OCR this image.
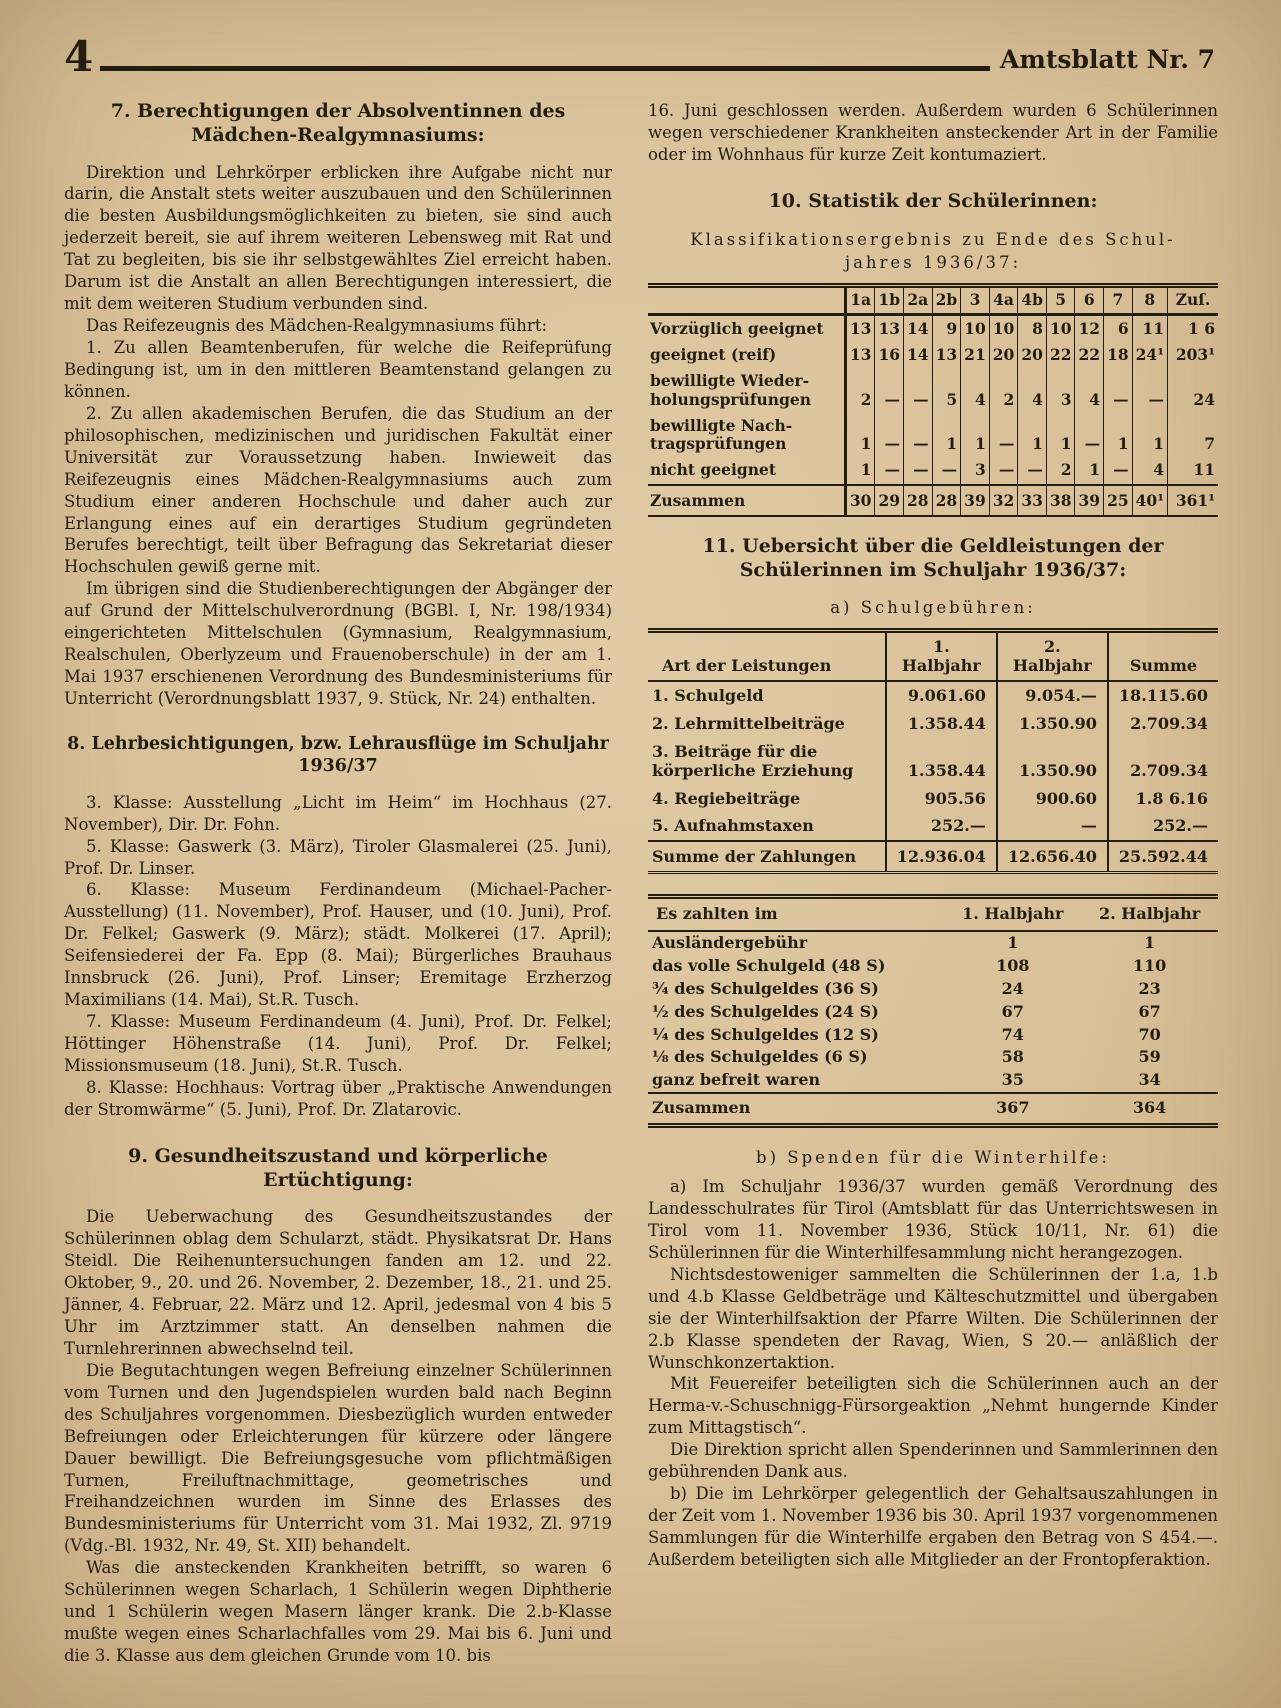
4	Amtsblatt Nr. 7
7. Berechtigungen der Absolventinnen des Mädchen-Realgymnasiums:

Direktion und Lehrkörper erblicken ihre Aufgabe nicht nur darin, die Anstalt stets weiter auszubauen und den Schülerinnen die besten Ausbildungsmöglichkeiten zu bieten, sie sind auch jederzeit bereit, sie auf ihrem weiteren Lebensweg mit Rat und Tat zu begleiten, bis sie ihr selbstgewähltes Ziel erreicht haben. Darum ist die Anstalt an allen Berechtigungen interessiert, die mit dem weiteren Studium verbunden sind.

Das Reifezeugnis des Mädchen-Realgymnasiums führt:

1. Zu allen Beamtenberufen, für welche die Reifeprüfung Bedingung ist, um in den mittleren Beamtenstand gelangen zu können.

2. Zu allen akademischen Berufen, die das Studium an der philosophischen, medizinischen und juridischen Fakultät einer Universität zur Voraussetzung haben. Inwieweit das Reifezeugnis eines Mädchen-Realgymnasiums auch zum Studium einer anderen Hochschule und daher auch zur Erlangung eines auf ein derartiges Studium gegründeten Berufes berechtigt, teilt über Befragung das Sekretariat dieser Hochschulen gewiß gerne mit.

Im übrigen sind die Studienberechtigungen der Abgänger der auf Grund der Mittelschulverordnung (BGBl. I, Nr. 198/1934) eingerichteten Mittelschulen (Gymnasium, Realgymnasium, Realschulen, Oberlyzeum und Frauenoberschule) in der am 1. Mai 1937 erschienenen Verordnung des Bundesministeriums für Unterricht (Verordnungsblatt 1937, 9. Stück, Nr. 24) enthalten.

8. Lehrbesichtigungen, bzw. Lehrausflüge im Schuljahr 1936/37

3. Klasse: Ausstellung „Licht im Heim“ im Hochhaus (27. November), Dir. Dr. Fohn.

5. Klasse: Gaswerk (3. März), Tiroler Glasmalerei (25. Juni), Prof. Dr. Linser.

6. Klasse: Museum Ferdinandeum (Michael-Pacher-Ausstellung) (11. November), Prof. Hauser, und (10. Juni), Prof. Dr. Felkel; Gaswerk (9. März); städt. Molkerei (17. April); Seifensiederei der Fa. Epp (8. Mai); Bürgerliches Brauhaus Innsbruck (26. Juni), Prof. Linser; Eremitage Erzherzog Maximilians (14. Mai), St.R. Tusch.

7. Klasse: Museum Ferdinandeum (4. Juni), Prof. Dr. Felkel; Höttinger Höhenstraße (14. Juni), Prof. Dr. Felkel; Missionsmuseum (18. Juni), St.R. Tusch.

8. Klasse: Hochhaus: Vortrag über „Praktische Anwendungen der Stromwärme“ (5. Juni), Prof. Dr. Zlatarovic.

9. Gesundheitszustand und körperliche Ertüchtigung:

Die Ueberwachung des Gesundheitszustandes der Schülerinnen oblag dem Schularzt, städt. Physikatsrat Dr. Hans Steidl. Die Reihenuntersuchungen fanden am 12. und 22. Oktober, 9., 20. und 26. November, 2. Dezember, 18., 21. und 25. Jänner, 4. Februar, 22. März und 12. April, jedesmal von 4 bis 5 Uhr im Arztzimmer statt. An denselben nahmen die Turnlehrerinnen abwechselnd teil.

Die Begutachtungen wegen Befreiung einzelner Schülerinnen vom Turnen und den Jugendspielen wurden bald nach Beginn des Schuljahres vorgenommen. Diesbezüglich wurden entweder Befreiungen oder Erleichterungen für kürzere oder längere Dauer bewilligt. Die Befreiungsgesuche vom pflichtmäßigen Turnen, Freiluftnachmittage, geometrisches und Freihandzeichnen wurden im Sinne des Erlasses des Bundesministeriums für Unterricht vom 31. Mai 1932, Zl. 9719 (Vdg.-Bl. 1932, Nr. 49, St. XII) behandelt.

Was die ansteckenden Krankheiten betrifft, so waren 6 Schülerinnen wegen Scharlach, 1 Schülerin wegen Diphtherie und 1 Schülerin wegen Masern länger krank. Die 2.b-Klasse mußte wegen eines Scharlachfalles vom 29. Mai bis 6. Juni und die 3. Klasse aus dem gleichen Grunde vom 10. bis

16. Juni geschlossen werden. Außerdem wurden 6 Schülerinnen wegen verschiedener Krankheiten ansteckender Art in der Familie oder im Wohnhaus für kurze Zeit kontumaziert.

10. Statistik der Schülerinnen:
Klassifikationsergebnis zu Ende des Schul-
jahres 1936/37:
	1a	1b	2a	2b	3	4a	4b	5	6	7	8	Zuſ.
Vorzüglich geeignet	13	13	14	9	10	10	8	10	12	6	11	1 6
geeignet (reif)	13	16	14	13	21	20	20	22	22	18	24¹	203¹
bewilligte Wiederholungsprüfungen	2	—	—	5	4	2	4	3	4	—	—	24
bewilligte Nachtragsprüfungen	1	—	—	1	1	—	1	1	—	1	1	7
nicht geeignet	1	—	—	—	3	—	—	2	1	—	4	11
Zusammen	30	29	28	28	39	32	33	38	39	25	40¹	361¹
11. Uebersicht über die Geldleistungen der Schülerinnen im Schuljahr 1936/37:
a) Schulgebühren:
Art der Leistungen	1. Halbjahr	2. Halbjahr	Summe
1. Schulgeld	9.061.60	9.054.—	18.115.60
2. Lehrmittelbeiträge	1.358.44	1.350.90	2.709.34
3. Beiträge für die körperliche Erziehung	1.358.44	1.350.90	2.709.34
4. Regiebeiträge	905.56	900.60	1.8 6.16
5. Aufnahmstaxen	252.—	—	252.—
Summe der Zahlungen	12.936.04	12.656.40	25.592.44
Es zahlten im	1. Halbjahr	2. Halbjahr
Ausländergebühr	1	1
das volle Schulgeld (48 S)	108	110
¾ des Schulgeldes (36 S)	24	23
½ des Schulgeldes (24 S)	67	67
¼ des Schulgeldes (12 S)	74	70
⅛ des Schulgeldes (6 S)	58	59
ganz befreit waren	35	34
Zusammen	367	364
b) Spenden für die Winterhilfe:

a) Im Schuljahr 1936/37 wurden gemäß Verordnung des Landesschulrates für Tirol (Amtsblatt für das Unterrichtswesen in Tirol vom 11. November 1936, Stück 10/11, Nr. 61) die Schülerinnen für die Winterhilfesammlung nicht herangezogen.

Nichtsdestoweniger sammelten die Schülerinnen der 1.a, 1.b und 4.b Klasse Geldbeträge und Kälteschutzmittel und übergaben sie der Winterhilfsaktion der Pfarre Wilten. Die Schülerinnen der 2.b Klasse spendeten der Ravag, Wien, S 20.— anläßlich der Wunschkonzertaktion.

Mit Feuereifer beteiligten sich die Schülerinnen auch an der Herma-v.-Schuschnigg-Fürsorgeaktion „Nehmt hungernde Kinder zum Mittagstisch“.

Die Direktion spricht allen Spenderinnen und Sammlerinnen den gebührenden Dank aus.

b) Die im Lehrkörper gelegentlich der Gehaltsauszahlungen in der Zeit vom 1. November 1936 bis 30. April 1937 vorgenommenen Sammlungen für die Winterhilfe ergaben den Betrag von S 454.—. Außerdem beteiligten sich alle Mitglieder an der Frontopferaktion.
